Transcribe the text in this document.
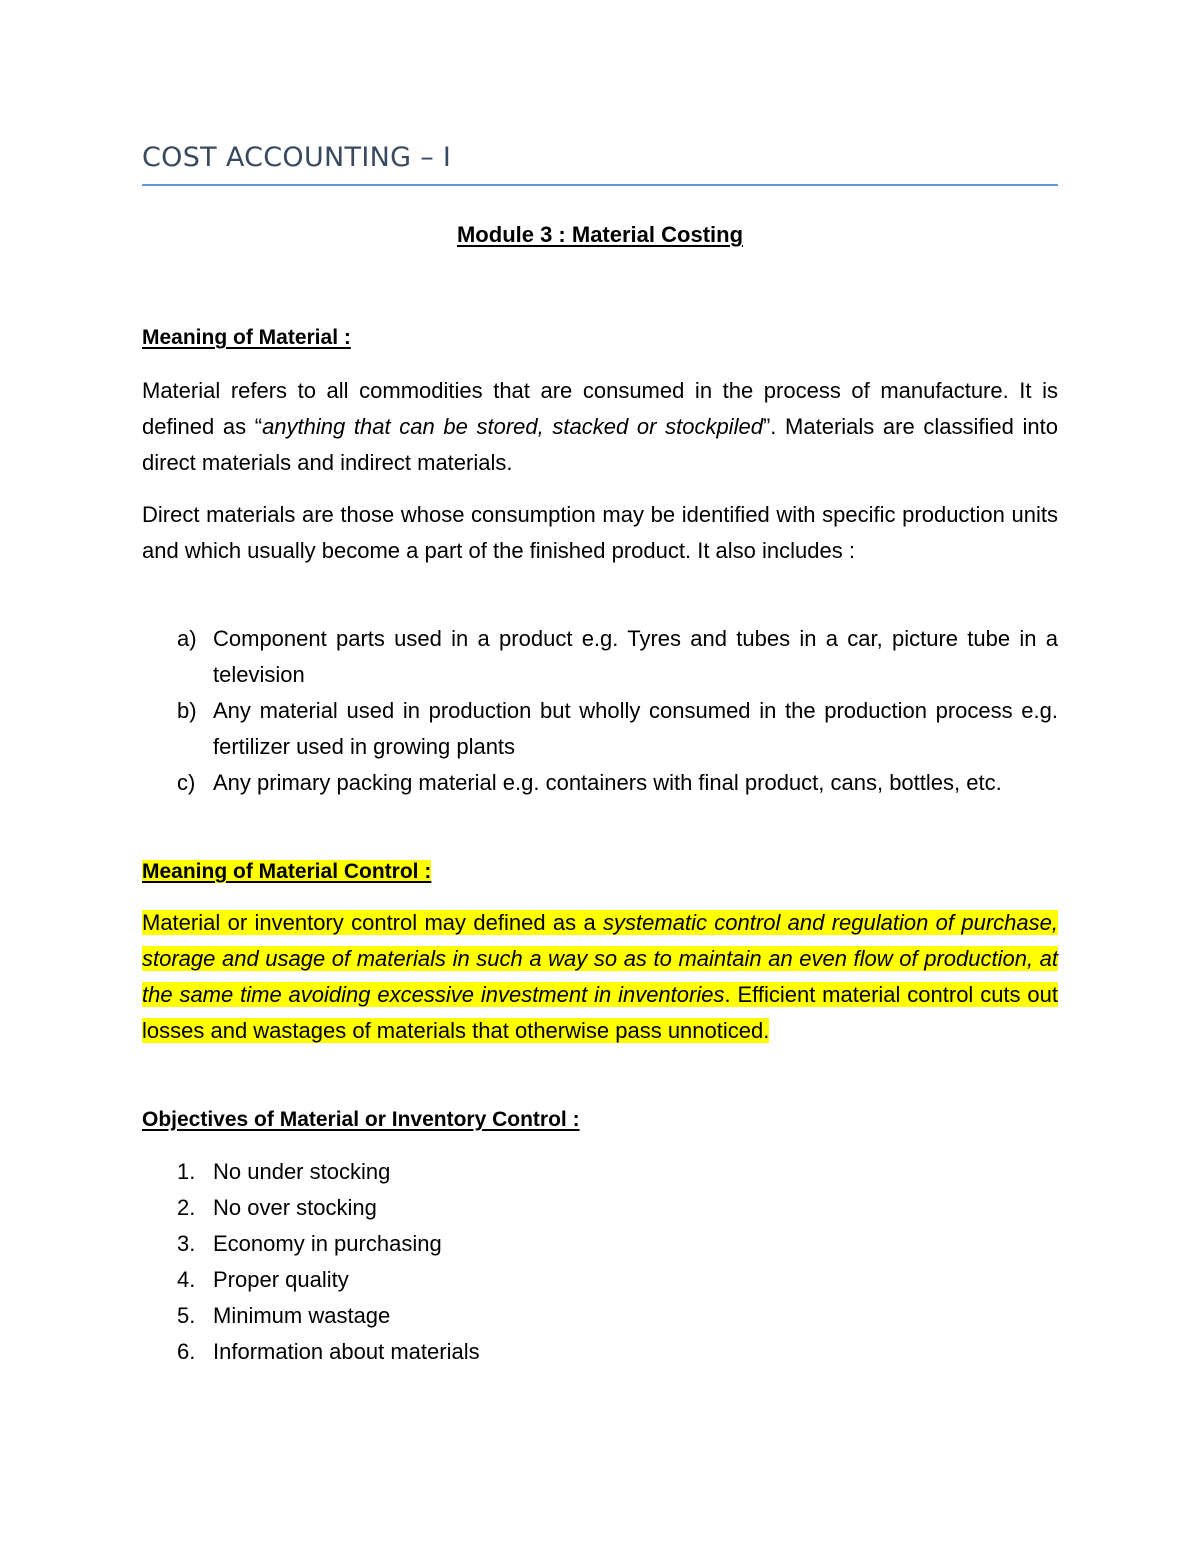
COST ACCOUNTING – I
Module 3 : Material Costing
Meaning of Material :

Material refers to all commodities that are consumed in the process of manufacture. It is defined as “anything that can be stored, stacked or stockpiled”. Materials are classified into direct materials and indirect materials.

Direct materials are those whose consumption may be identified with specific production units and which usually become a part of the finished product. It also includes :

a) Component parts used in a product e.g. Tyres and tubes in a car, picture tube in a television
b) Any material used in production but wholly consumed in the production process e.g. fertilizer used in growing plants
c) Any primary packing material e.g. containers with final product, cans, bottles, etc.
Meaning of Material Control :

Material or inventory control may defined as a systematic control and regulation of purchase, storage and usage of materials in such a way so as to maintain an even flow of production, at the same time avoiding excessive investment in inventories. Efficient material control cuts out losses and wastages of materials that otherwise pass unnoticed.

Objectives of Material or Inventory Control :
1. No under stocking
2. No over stocking
3. Economy in purchasing
4. Proper quality
5. Minimum wastage
6. Information about materials
